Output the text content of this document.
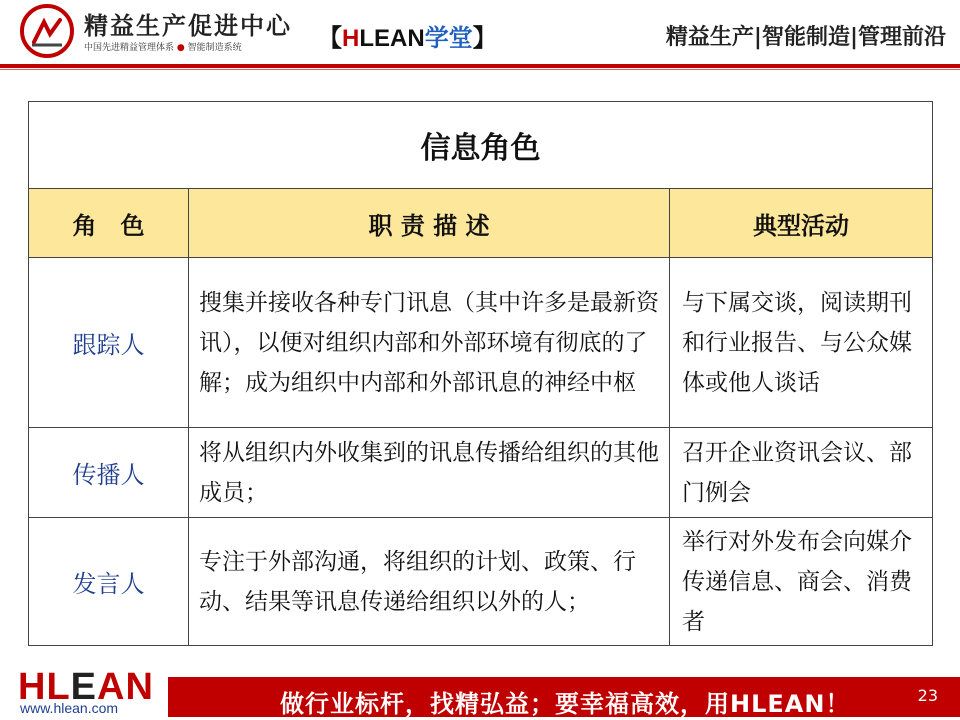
精益生产促进中心
中国先进精益管理体系 ● 智能制造系统	【HLEAN学堂】	精益生产|智能制造|管理前沿
信息角色		
角　色	职 责 描 述	典型活动
跟踪人	搜集并接收各种专门讯息（其中许多是最新资讯），以便对组织内部和外部环境有彻底的了解；成为组织中内部和外部讯息的神经中枢	与下属交谈，阅读期刊和行业报告、与公众媒体或他人谈话
传播人	将从组织内外收集到的讯息传播给组织的其他成员；	召开企业资讯会议、部门例会
发言人	专注于外部沟通，将组织的计划、政策、行动、结果等讯息传递给组织以外的人；	举行对外发布会向媒介传递信息、商会、消费者
HLEAN
www.hlean.com	做行业标杆，找精弘益；要幸福高效，用HLEAN！	23
